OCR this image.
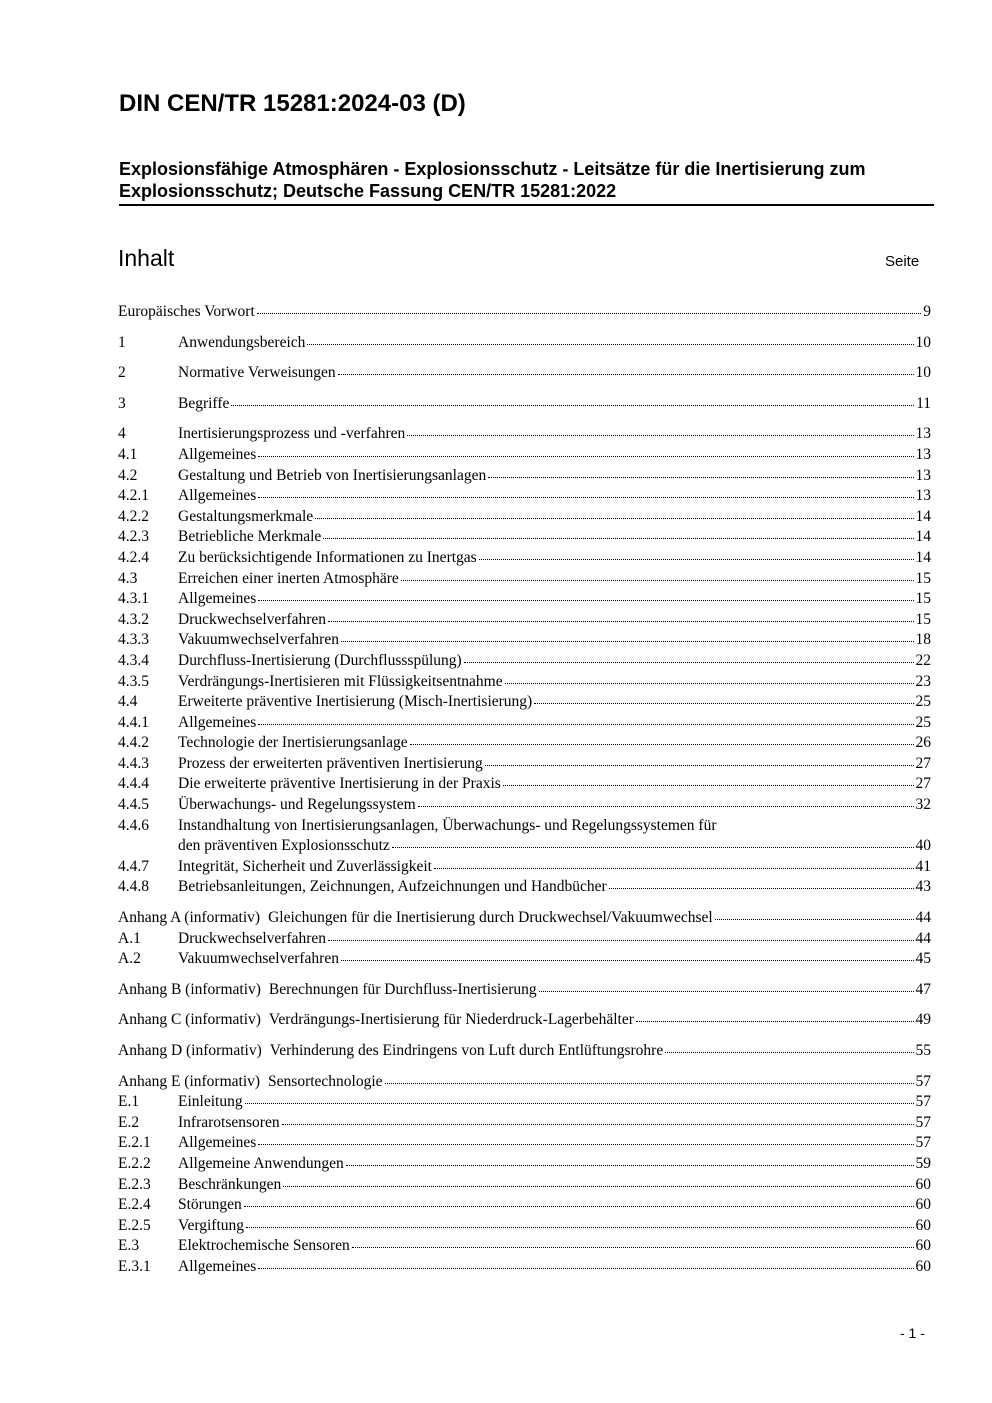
DIN CEN/TR 15281:2024-03 (D)
Explosionsfähige Atmosphären - Explosionsschutz - Leitsätze für die Inertisierung zum Explosionsschutz; Deutsche Fassung CEN/TR 15281:2022
Inhalt	Seite
Europäisches Vorwort	9
1	Anwendungsbereich	10
2	Normative Verweisungen	10
3	Begriffe	11
4	Inertisierungsprozess und -verfahren	13
4.1	Allgemeines	13
4.2	Gestaltung und Betrieb von Inertisierungsanlagen	13
4.2.1	Allgemeines	13
4.2.2	Gestaltungsmerkmale	14
4.2.3	Betriebliche Merkmale	14
4.2.4	Zu berücksichtigende Informationen zu Inertgas	14
4.3	Erreichen einer inerten Atmosphäre	15
4.3.1	Allgemeines	15
4.3.2	Druckwechselverfahren	15
4.3.3	Vakuumwechselverfahren	18
4.3.4	Durchfluss-Inertisierung (Durchflussspülung)	22
4.3.5	Verdrängungs-Inertisieren mit Flüssigkeitsentnahme	23
4.4	Erweiterte präventive Inertisierung (Misch-Inertisierung)	25
4.4.1	Allgemeines	25
4.4.2	Technologie der Inertisierungsanlage	26
4.4.3	Prozess der erweiterten präventiven Inertisierung	27
4.4.4	Die erweiterte präventive Inertisierung in der Praxis	27
4.4.5	Überwachungs- und Regelungssystem	32
4.4.6	Instandhaltung von Inertisierungsanlagen, Überwachungs- und Regelungssystemen für
den präventiven Explosionsschutz	40
4.4.7	Integrität, Sicherheit und Zuverlässigkeit	41
4.4.8	Betriebsanleitungen, Zeichnungen, Aufzeichnungen und Handbücher	43
Anhang A (informativ) Gleichungen für die Inertisierung durch Druckwechsel/Vakuumwechsel	44
A.1	Druckwechselverfahren	44
A.2	Vakuumwechselverfahren	45
Anhang B (informativ) Berechnungen für Durchfluss-Inertisierung	47
Anhang C (informativ) Verdrängungs-Inertisierung für Niederdruck-Lagerbehälter	49
Anhang D (informativ) Verhinderung des Eindringens von Luft durch Entlüftungsrohre	55
Anhang E (informativ) Sensortechnologie	57
E.1	Einleitung	57
E.2	Infrarotsensoren	57
E.2.1	Allgemeines	57
E.2.2	Allgemeine Anwendungen	59
E.2.3	Beschränkungen	60
E.2.4	Störungen	60
E.2.5	Vergiftung	60
E.3	Elektrochemische Sensoren	60
E.3.1	Allgemeines	60
- 1 -
